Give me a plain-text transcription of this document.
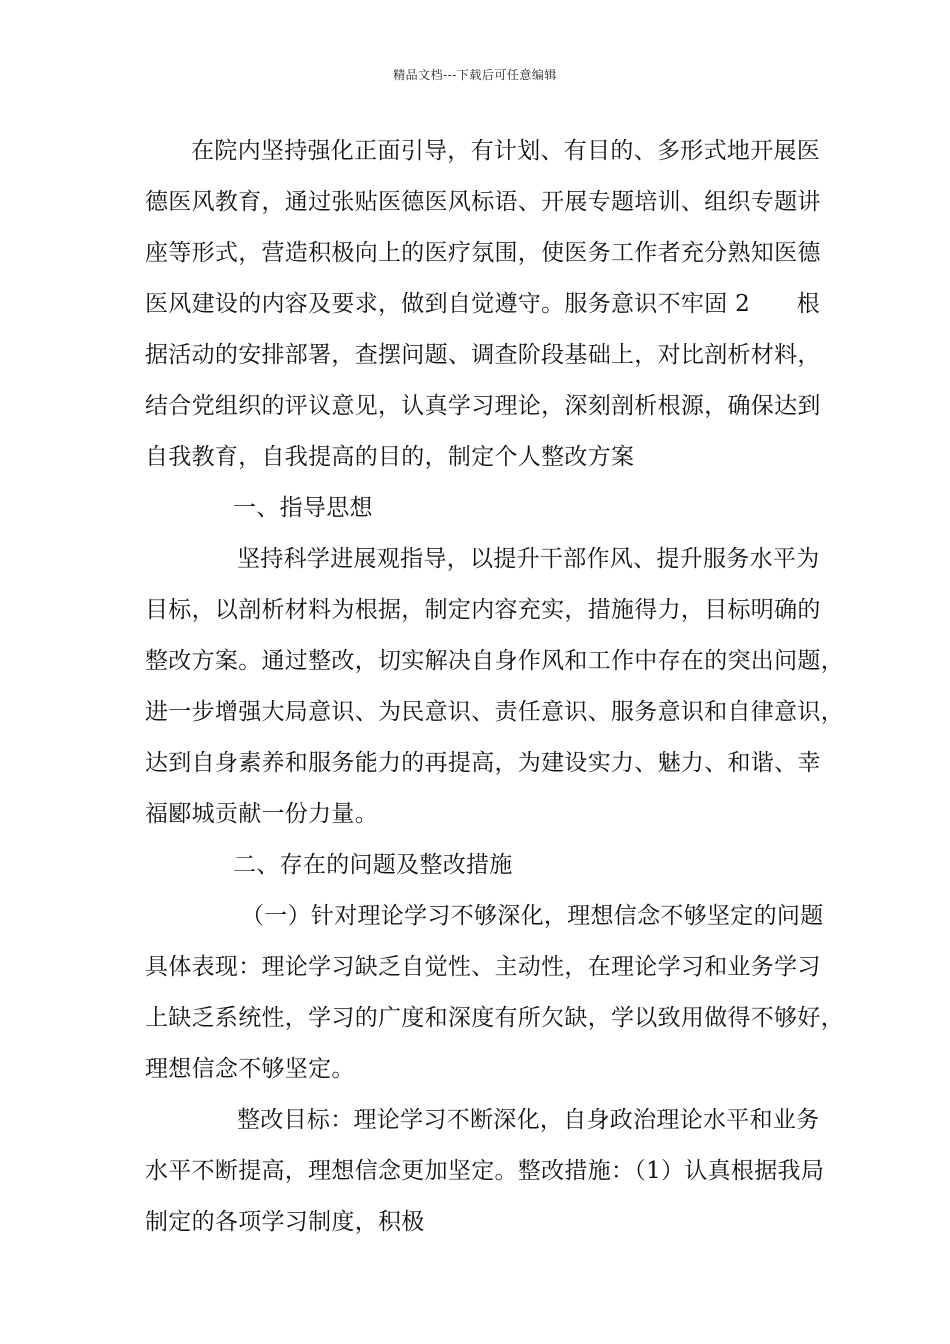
精品文档---下载后可任意编辑
在院内坚持强化正面引导，有计划、有目的、多形式地开展医
德医风教育，通过张贴医德医风标语、开展专题培训、组织专题讲
座等形式，营造积极向上的医疗氛围，使医务工作者充分熟知医德
医风建设的内容及要求，做到自觉遵守。服务意识不牢固 2　　根
据活动的安排部署，查摆问题、调查阶段基础上，对比剖析材料，
结合党组织的评议意见，认真学习理论，深刻剖析根源，确保达到
自我教育，自我提高的目的，制定个人整改方案
一、指导思想
坚持科学进展观指导，以提升干部作风、提升服务水平为
目标，以剖析材料为根据，制定内容充实，措施得力，目标明确的
整改方案。通过整改，切实解决自身作风和工作中存在的突出问题，
进一步增强大局意识、为民意识、责任意识、服务意识和自律意识，
达到自身素养和服务能力的再提高，为建设实力、魅力、和谐、幸
福郾城贡献一份力量。
二、存在的问题及整改措施
（一）针对理论学习不够深化，理想信念不够坚定的问题
具体表现：理论学习缺乏自觉性、主动性，在理论学习和业务学习
上缺乏系统性，学习的广度和深度有所欠缺，学以致用做得不够好，
理想信念不够坚定。
整改目标：理论学习不断深化，自身政治理论水平和业务
水平不断提高，理想信念更加坚定。整改措施：（1）认真根据我局
制定的各项学习制度，积极
